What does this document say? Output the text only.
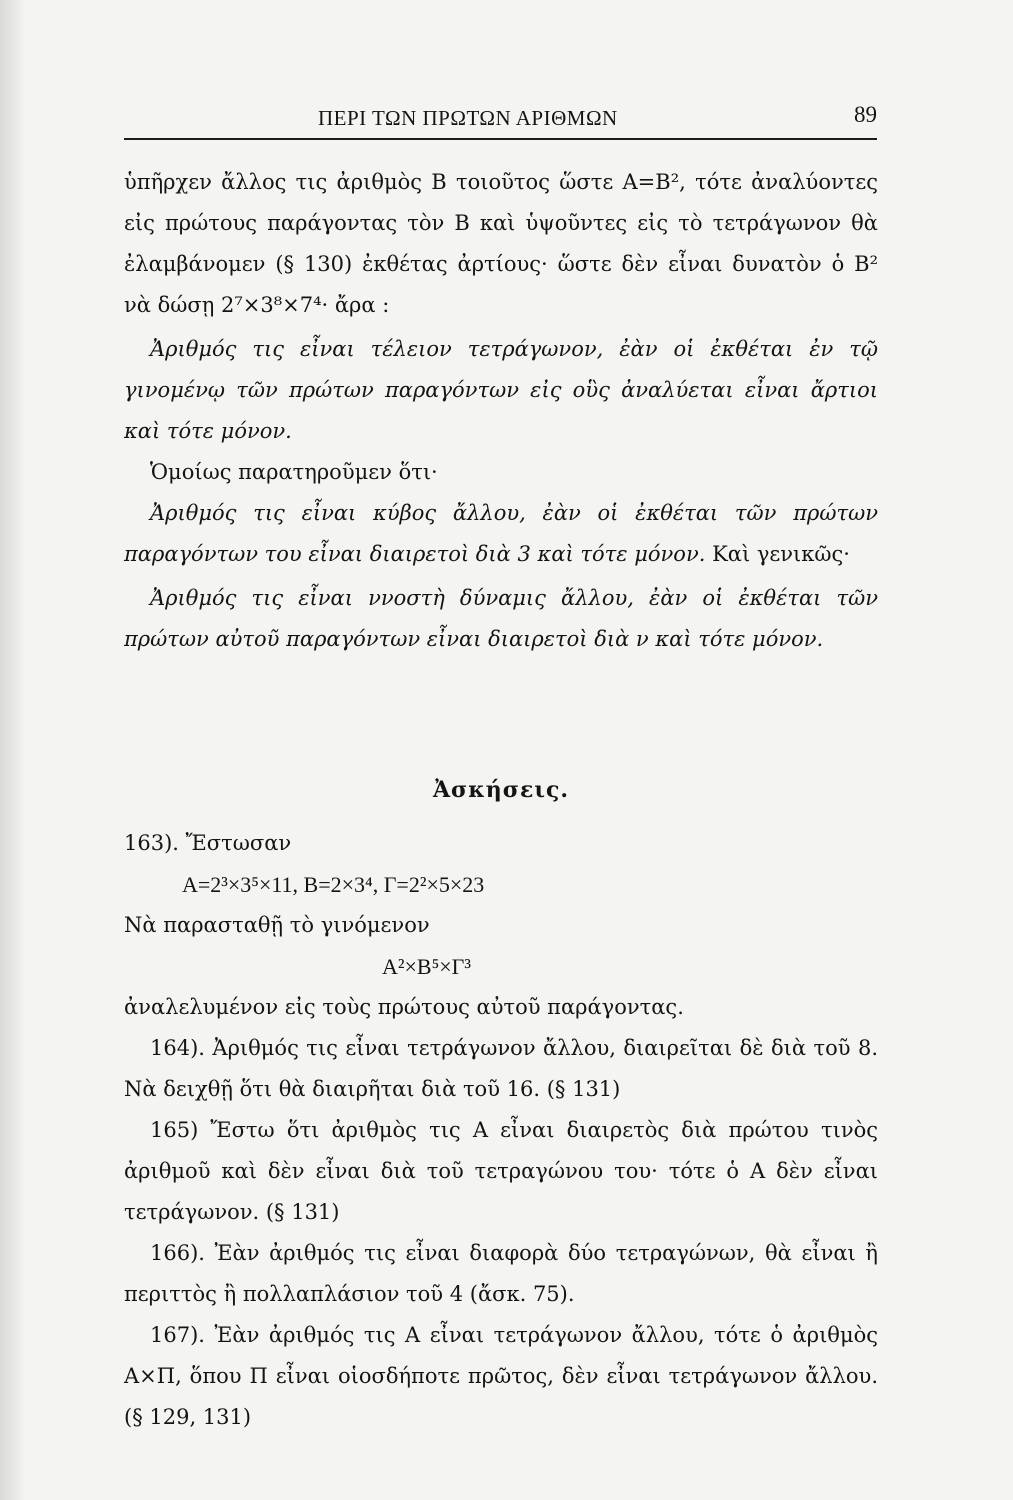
ΠΕΡΙ ΤΩΝ ΠΡΩΤΩΝ ΑΡΙΘΜΩΝ	89

ὑπῆρχεν ἄλλος τις ἀριθμὸς Β τοιοῦτος ὥστε Α=Β², τότε ἀναλύοντες εἰς πρώτους παράγοντας τὸν Β καὶ ὑψοῦντες εἰς τὸ τετράγωνον θὰ ἐλαμβάνομεν (§ 130) ἐκθέτας ἀρτίους· ὥστε δὲν εἶναι δυνατὸν ὁ Β² νὰ δώσῃ 2⁷×3⁸×7⁴· ἄρα :

Ἀριθμός τις εἶναι τέλειον τετράγωνον, ἐὰν οἱ ἐκθέται ἐν τῷ γινομένῳ τῶν πρώτων παραγόντων εἰς οὓς ἀναλύεται εἶναι ἄρτιοι καὶ τότε μόνον.

Ὁμοίως παρατηροῦμεν ὅτι·

Ἀριθμός τις εἶναι κύβος ἄλλου, ἐὰν οἱ ἐκθέται τῶν πρώτων παραγόντων του εἶναι διαιρετοὶ διὰ 3 καὶ τότε μόνον. Καὶ γενικῶς·

Ἀριθμός τις εἶναι ννοστὴ δύναμις ἄλλου, ἐὰν οἱ ἐκθέται τῶν πρώτων αὐτοῦ παραγόντων εἶναι διαιρετοὶ διὰ ν καὶ τότε μόνον.

Ἀσκήσεις.

163). Ἔστωσαν

Α=2³×3⁵×11, Β=2×3⁴, Γ=2²×5×23

Νὰ παρασταθῇ τὸ γινόμενον

Α²×Β⁵×Γ³

ἀναλελυμένον εἰς τοὺς πρώτους αὐτοῦ παράγοντας.

164). Ἀριθμός τις εἶναι τετράγωνον ἄλλου, διαιρεῖται δὲ διὰ τοῦ 8. Νὰ δειχθῇ ὅτι θὰ διαιρῆται διὰ τοῦ 16. (§ 131)

165) Ἔστω ὅτι ἀριθμὸς τις Α εἶναι διαιρετὸς διὰ πρώτου τινὸς ἀριθμοῦ καὶ δὲν εἶναι διὰ τοῦ τετραγώνου του· τότε ὁ Α δὲν εἶναι τετράγωνον. (§ 131)

166). Ἐὰν ἀριθμός τις εἶναι διαφορὰ δύο τετραγώνων, θὰ εἶναι ἢ περιττὸς ἢ πολλαπλάσιον τοῦ 4 (ἄσκ. 75).

167). Ἐὰν ἀριθμός τις Α εἶναι τετράγωνον ἄλλου, τότε ὁ ἀριθμὸς Α×Π, ὅπου Π εἶναι οἱοσδήποτε πρῶτος, δὲν εἶναι τετράγωνον ἄλλου. (§ 129, 131)
